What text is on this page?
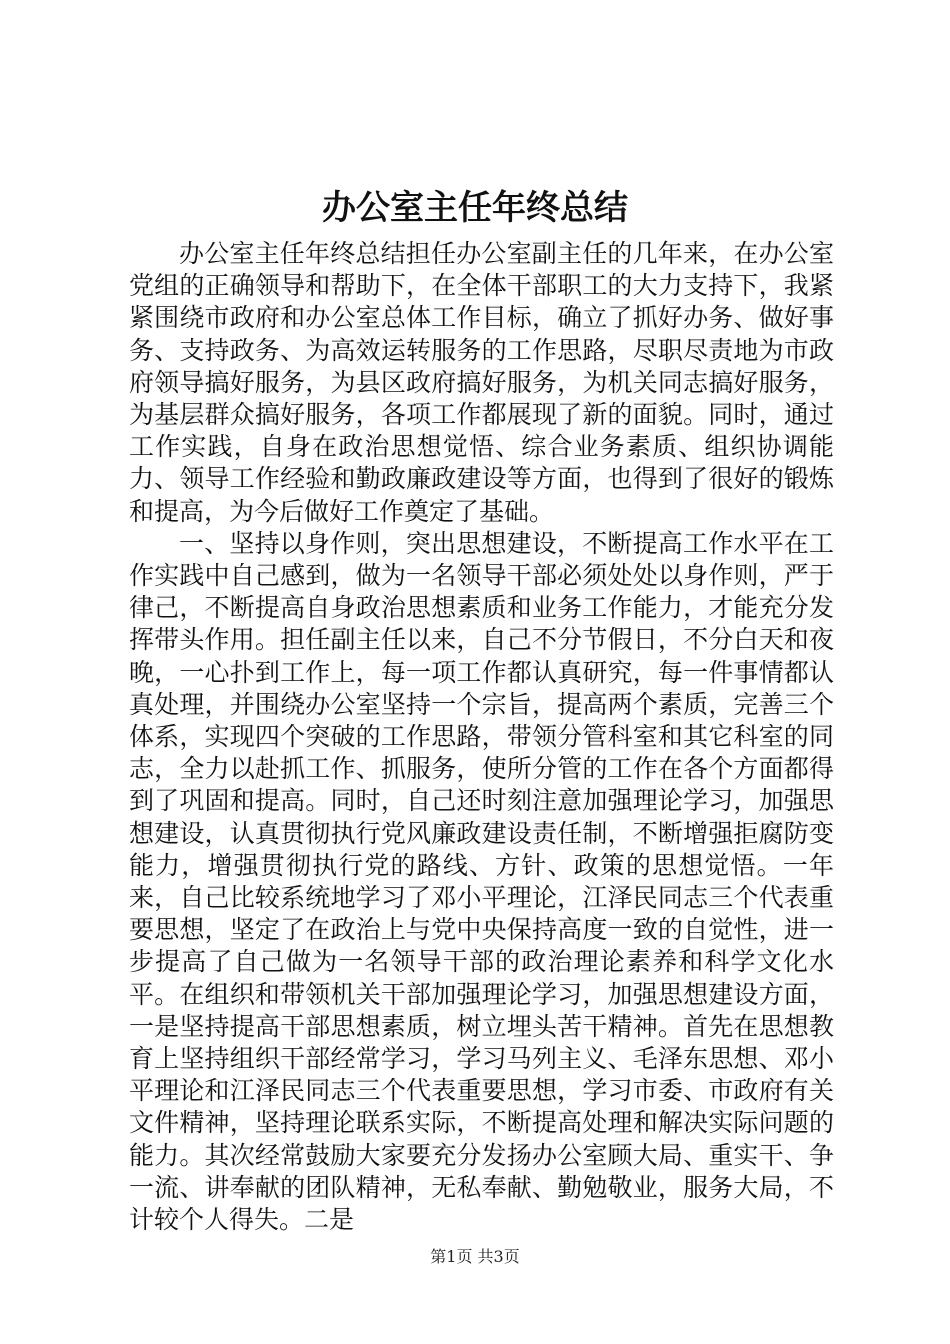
办公室主任年终总结

办公室主任年终总结担任办公室副主任的几年来，在办公室党组的正确领导和帮助下，在全体干部职工的大力支持下，我紧紧围绕市政府和办公室总体工作目标，确立了抓好办务、做好事务、支持政务、为高效运转服务的工作思路，尽职尽责地为市政府领导搞好服务，为县区政府搞好服务，为机关同志搞好服务，为基层群众搞好服务，各项工作都展现了新的面貌。同时，通过工作实践，自身在政治思想觉悟、综合业务素质、组织协调能力、领导工作经验和勤政廉政建设等方面，也得到了很好的锻炼和提高，为今后做好工作奠定了基础。

一、坚持以身作则，突出思想建设，不断提高工作水平在工作实践中自己感到，做为一名领导干部必须处处以身作则，严于律己，不断提高自身政治思想素质和业务工作能力，才能充分发挥带头作用。担任副主任以来，自己不分节假日，不分白天和夜晚，一心扑到工作上，每一项工作都认真研究，每一件事情都认真处理，并围绕办公室坚持一个宗旨，提高两个素质，完善三个体系，实现四个突破的工作思路，带领分管科室和其它科室的同志，全力以赴抓工作、抓服务，使所分管的工作在各个方面都得到了巩固和提高。同时，自己还时刻注意加强理论学习，加强思想建设，认真贯彻执行党风廉政建设责任制，不断增强拒腐防变能力，增强贯彻执行党的路线、方针、政策的思想觉悟。一年来，自己比较系统地学习了邓小平理论，江泽民同志三个代表重要思想，坚定了在政治上与党中央保持高度一致的自觉性，进一步提高了自己做为一名领导干部的政治理论素养和科学文化水平。在组织和带领机关干部加强理论学习，加强思想建设方面，一是坚持提高干部思想素质，树立埋头苦干精神。首先在思想教育上坚持组织干部经常学习，学习马列主义、毛泽东思想、邓小平理论和江泽民同志三个代表重要思想，学习市委、市政府有关文件精神，坚持理论联系实际，不断提高处理和解决实际问题的能力。其次经常鼓励大家要充分发扬办公室顾大局、重实干、争一流、讲奉献的团队精神，无私奉献、勤勉敬业，服务大局，不计较个人得失。二是

第1页 共3页
